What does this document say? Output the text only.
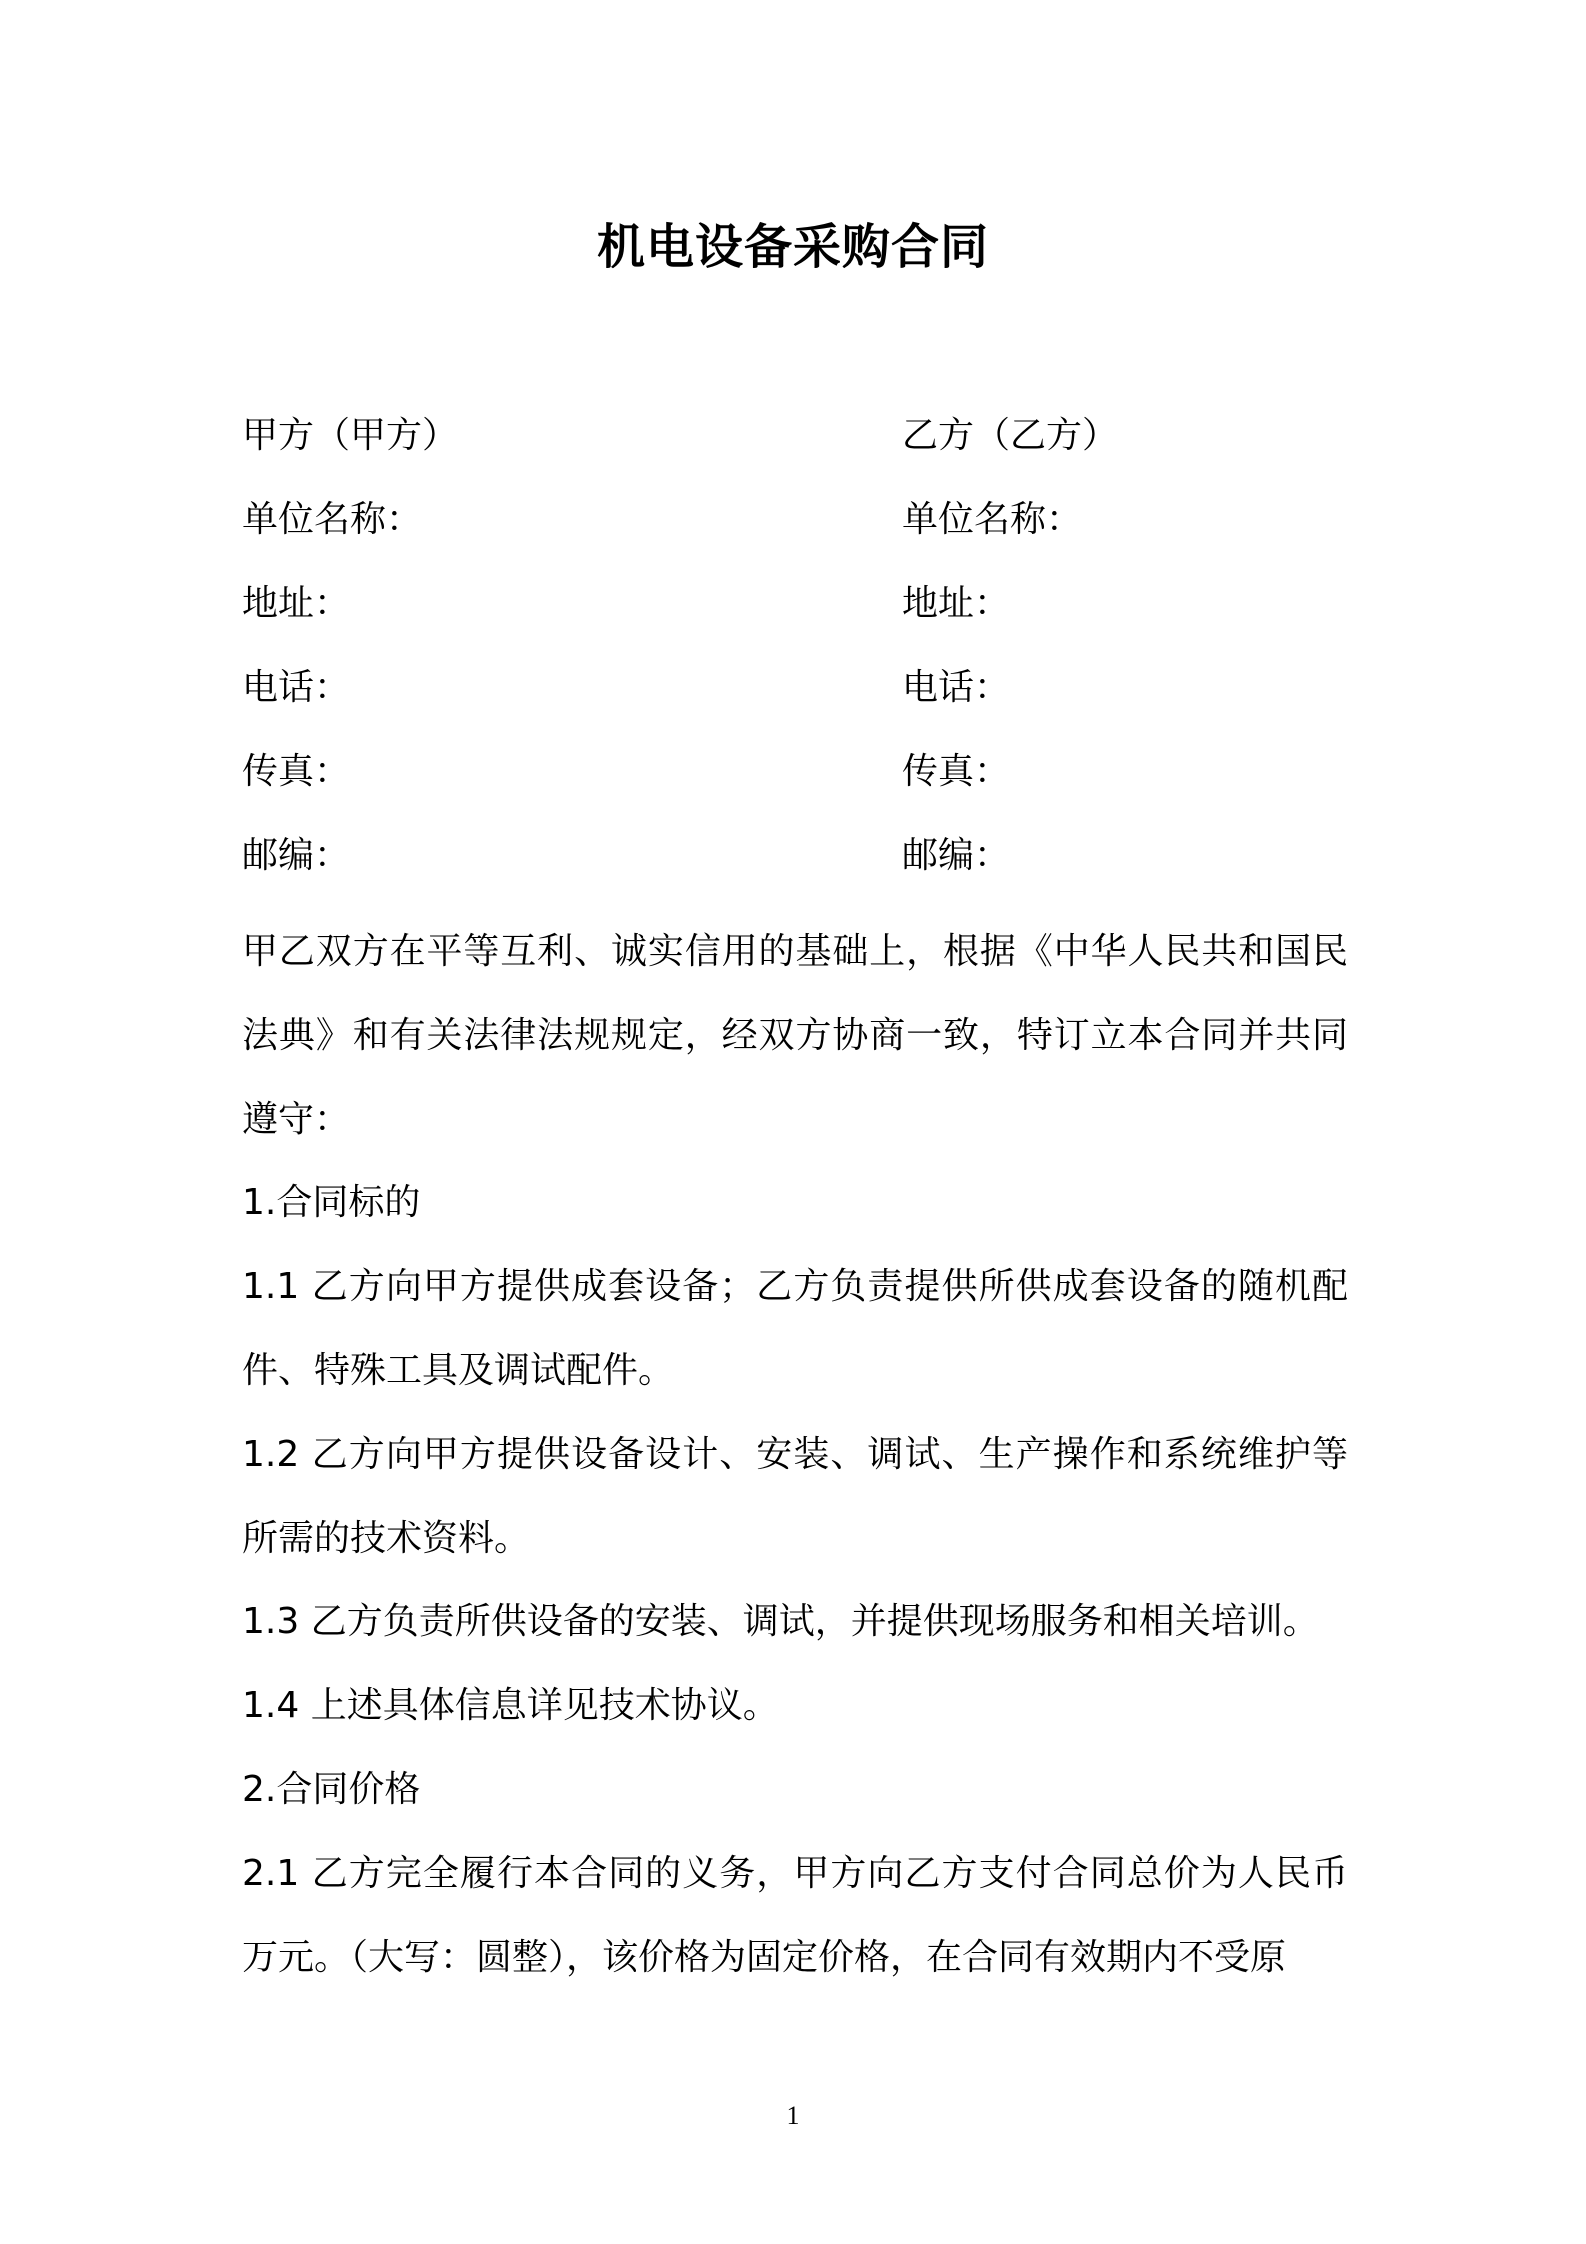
机电设备采购合同
甲方（甲方）	乙方（乙方）
单位名称：	单位名称：
地址：	地址：
电话：	电话：
传真：	传真：
邮编：	邮编：

甲乙双方在平等互利、诚实信用的基础上，根据《中华人民共和国民法典》和有关法律法规规定，经双方协商一致，特订立本合同并共同遵守：

1.合同标的

1.1 乙方向甲方提供成套设备；乙方负责提供所供成套设备的随机配件、特殊工具及调试配件。

1.2 乙方向甲方提供设备设计、安装、调试、生产操作和系统维护等所需的技术资料。

1.3 乙方负责所供设备的安装、调试，并提供现场服务和相关培训。

1.4 上述具体信息详见技术协议。

2.合同价格

2.1 乙方完全履行本合同的义务，甲方向乙方支付合同总价为人民币万元。（大写：圆整），该价格为固定价格，在合同有效期内不受原

1
